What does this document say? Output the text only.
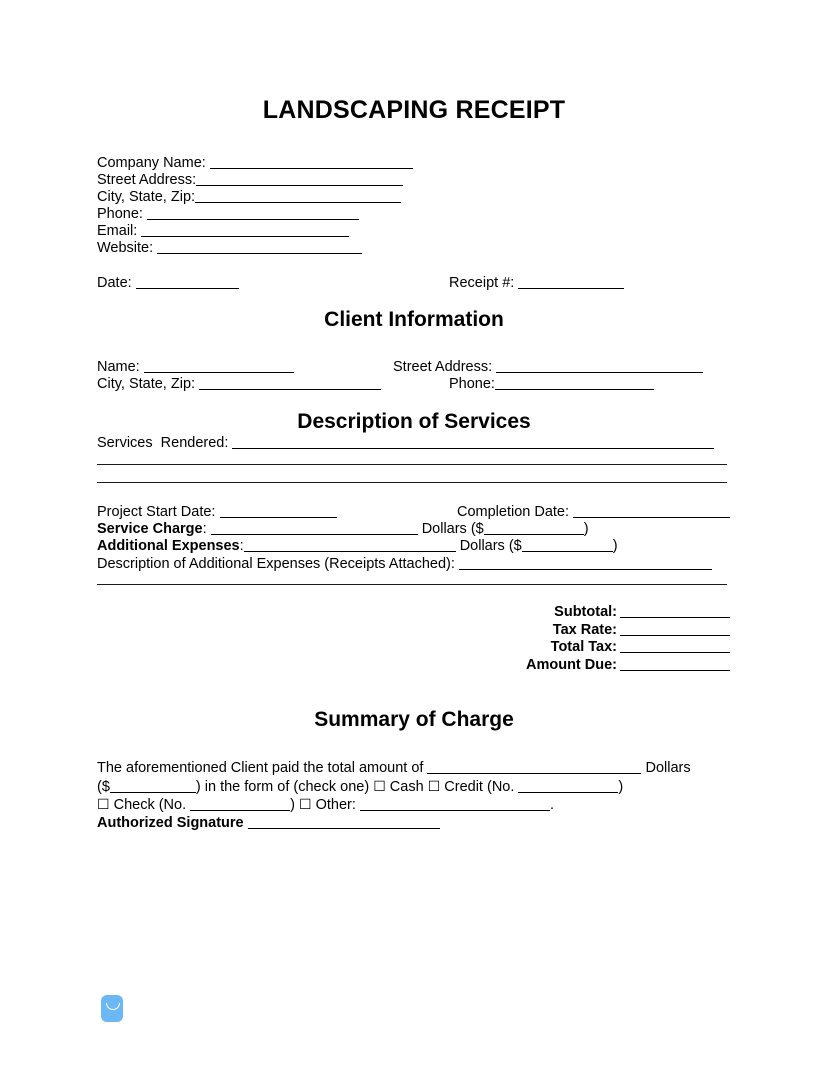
LANDSCAPING RECEIPT
Company Name:
Street Address:
City, State, Zip:
Phone:
Email:
Website:
Date:	Receipt #:
Client Information
Name:	Street Address:
City, State, Zip:	Phone:
Description of Services
Services  Rendered:
Project Start Date:	Completion Date:
Service Charge:	Dollars ($	)
Additional Expenses:	Dollars ($	)
Description of Additional Expenses (Receipts Attached):
Subtotal:
Tax Rate:
Total Tax:
Amount Due:
Summary of Charge
The aforementioned Client paid the total amount of	Dollars
($	) in the form of (check one) ☐ Cash ☐ Credit (No.	)
☐ Check (No.	) ☐ Other:	.
Authorized Signature
